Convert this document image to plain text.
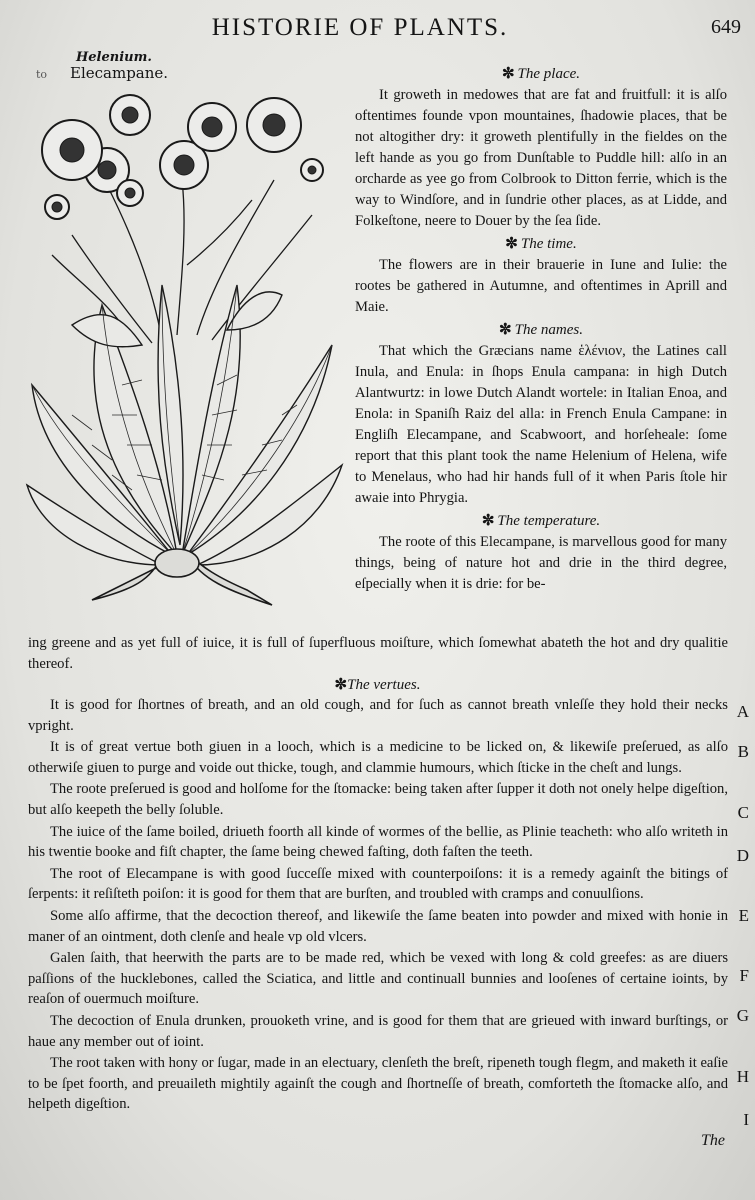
HISTORIE OF PLANTS.	649
to
Helenium.
Elecampane.	✼ The place.

It groweth in medowes that are fat and fruitfull: it is alſo oftentimes founde vpon mountaines, ſhadowie places, that be not altogither dry: it groweth plentifully in the fieldes on the left hande as you go from Dunſtable to Puddle hill: alſo in an orcharde as yee go from Colbrook to Ditton ferrie, which is the way to Windſore, and in ſundrie other places, as at Lidde, and Folkeſtone, neere to Douer by the ſea ſide.

✼ The time.

The flowers are in their brauerie in Iune and Iulie: the rootes be gathered in Autumne, and oftentimes in Aprill and Maie.

✼ The names.

That which the Græcians name ἑλένιον, the Latines call Inula, and Enula: in ſhops Enula campana: in high Dutch Alantwurtz: in lowe Dutch Alandt wortele: in Italian Enoa, and Enola: in Spaniſh Raiz del alla: in French Enula Campane: in Engliſh Elecampane, and Scabwoort, and horſeheale: ſome report that this plant took the name Helenium of Helena, wife to Menelaus, who had hir hands full of it when Paris ſtole hir awaie into Phrygia.

✼ The temperature.

The roote of this Elecampane, is marvellous good for many things, being of nature hot and drie in the third degree, eſpecially when it is drie: for be-

ing greene and as yet full of iuice, it is full of ſuperfluous moiſture, which ſomewhat abateth the hot and dry qualitie thereof.

✼The vertues.

It is good for ſhortnes of breath, and an old cough, and for ſuch as cannot breath vnleſſe they hold their necks vpright.

It is of great vertue both giuen in a looch, which is a medicine to be licked on, & likewiſe preſerued, as alſo otherwiſe giuen to purge and voide out thicke, tough, and clammie humours, which ſticke in the cheſt and lungs.

The roote preſerued is good and holſome for the ſtomacke: being taken after ſupper it doth not onely helpe digeſtion, but alſo keepeth the belly ſoluble.

The iuice of the ſame boiled, driueth foorth all kinde of wormes of the bellie, as Plinie teacheth: who alſo writeth in his twentie booke and fiſt chapter, the ſame being chewed faſting, doth faſten the teeth.

The root of Elecampane is with good ſucceſſe mixed with counterpoiſons: it is a remedy againſt the bitings of ſerpents: it reſiſteth poiſon: it is good for them that are burſten, and troubled with cramps and conuulſions.

Some alſo affirme, that the decoction thereof, and likewiſe the ſame beaten into powder and mixed with honie in maner of an ointment, doth clenſe and heale vp old vlcers.

Galen ſaith, that heerwith the parts are to be made red, which be vexed with long & cold greefes: as are diuers paſſions of the hucklebones, called the Sciatica, and little and continuall bunnies and looſenes of certaine ioints, by reaſon of ouermuch moiſture.

The decoction of Enula drunken, prouoketh vrine, and is good for them that are grieued with inward burſtings, or haue any member out of ioint.

The root taken with hony or ſugar, made in an electuary, clenſeth the breſt, ripeneth tough flegm, and maketh it eaſie to be ſpet foorth, and preuaileth mightily againſt the cough and ſhortneſſe of breath, comforteth the ſtomacke alſo, and helpeth digeſtion.

A
B
C
D
E
F
G
H
I
The
